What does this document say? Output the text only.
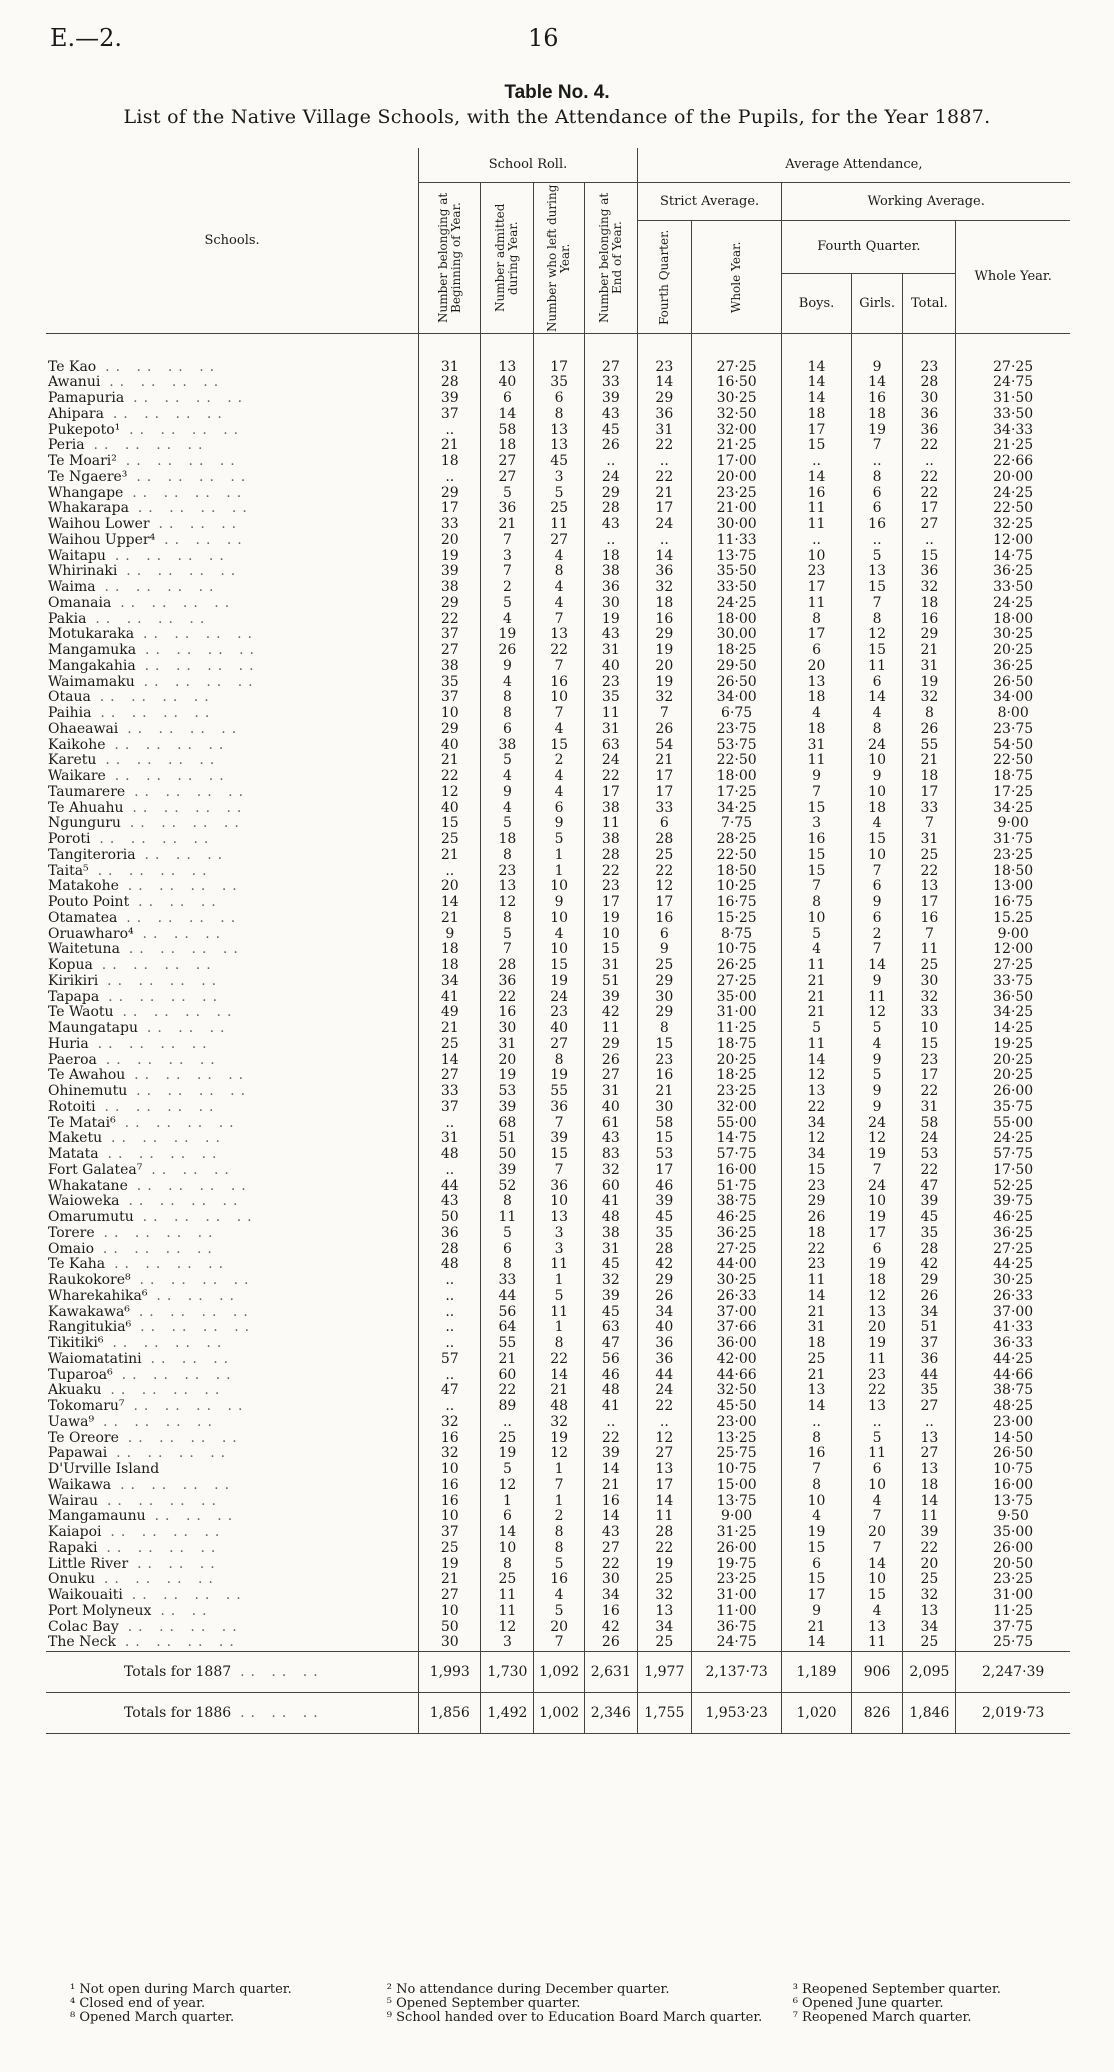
E.—2.	16
Table No. 4.
List of the Native Village Schools, with the Attendance of the Pupils, for the Year 1887.
Schools.	School Roll.				Average Attendance,					

	Number belonging at Beginning of Year.	Number admitted during Year.	Number who left during Year.	Number belonging at End of Year.	Strict Average.		Working Average.			

					Fourth Quarter.	Whole Year.	Fourth Quarter.			Whole Year.
							Boys.	Girls.	Total.	
Te Kao .. .. .. ..	31	13	17	27	23	27·25	14	9	23	27·25
Awanui .. .. .. ..	28	40	35	33	14	16·50	14	14	28	24·75
Pamapuria .. .. .. ..	39	6	6	39	29	30·25	14	16	30	31·50
Ahipara .. .. .. ..	37	14	8	43	36	32·50	18	18	36	33·50
Pukepoto¹ .. .. .. ..	..	58	13	45	31	32·00	17	19	36	34·33
Peria .. .. .. ..	21	18	13	26	22	21·25	15	7	22	21·25
Te Moari² .. .. .. ..	18	27	45	..	..	17·00	..	..	..	22·66
Te Ngaere³ .. .. .. ..	..	27	3	24	22	20·00	14	8	22	20·00
Whangape .. .. .. ..	29	5	5	29	21	23·25	16	6	22	24·25
Whakarapa .. .. .. ..	17	36	25	28	17	21·00	11	6	17	22·50
Waihou Lower .. .. ..	33	21	11	43	24	30·00	11	16	27	32·25
Waihou Upper⁴ .. .. ..	20	7	27	..	..	11·33	..	..	..	12·00
Waitapu .. .. .. ..	19	3	4	18	14	13·75	10	5	15	14·75
Whirinaki .. .. .. ..	39	7	8	38	36	35·50	23	13	36	36·25
Waima .. .. .. ..	38	2	4	36	32	33·50	17	15	32	33·50
Omanaia .. .. .. ..	29	5	4	30	18	24·25	11	7	18	24·25
Pakia .. .. .. ..	22	4	7	19	16	18·00	8	8	16	18·00
Motukaraka .. .. .. ..	37	19	13	43	29	30.00	17	12	29	30·25
Mangamuka .. .. .. ..	27	26	22	31	19	18·25	6	15	21	20·25
Mangakahia .. .. .. ..	38	9	7	40	20	29·50	20	11	31	36·25
Waimamaku .. .. .. ..	35	4	16	23	19	26·50	13	6	19	26·50
Otaua .. .. .. ..	37	8	10	35	32	34·00	18	14	32	34·00
Paihia .. .. .. ..	10	8	7	11	7	6·75	4	4	8	8·00
Ohaeawai .. .. .. ..	29	6	4	31	26	23·75	18	8	26	23·75
Kaikohe .. .. .. ..	40	38	15	63	54	53·75	31	24	55	54·50
Karetu .. .. .. ..	21	5	2	24	21	22·50	11	10	21	22·50
Waikare .. .. .. ..	22	4	4	22	17	18·00	9	9	18	18·75
Taumarere .. .. .. ..	12	9	4	17	17	17·25	7	10	17	17·25
Te Ahuahu .. .. .. ..	40	4	6	38	33	34·25	15	18	33	34·25
Ngunguru .. .. .. ..	15	5	9	11	6	7·75	3	4	7	9·00
Poroti .. .. .. ..	25	18	5	38	28	28·25	16	15	31	31·75
Tangiteroria .. .. ..	21	8	1	28	25	22·50	15	10	25	23·25
Taita⁵ .. .. .. ..	..	23	1	22	22	18·50	15	7	22	18·50
Matakohe .. .. .. ..	20	13	10	23	12	10·25	7	6	13	13·00
Pouto Point .. .. ..	14	12	9	17	17	16·75	8	9	17	16·75
Otamatea .. .. .. ..	21	8	10	19	16	15·25	10	6	16	15.25
Oruawharo⁴ .. .. ..	9	5	4	10	6	8·75	5	2	7	9·00
Waitetuna .. .. .. ..	18	7	10	15	9	10·75	4	7	11	12·00
Kopua .. .. .. ..	18	28	15	31	25	26·25	11	14	25	27·25
Kirikiri .. .. .. ..	34	36	19	51	29	27·25	21	9	30	33·75
Tapapa .. .. .. ..	41	22	24	39	30	35·00	21	11	32	36·50
Te Waotu .. .. .. ..	49	16	23	42	29	31·00	21	12	33	34·25
Maungatapu .. .. ..	21	30	40	11	8	11·25	5	5	10	14·25
Huria .. .. .. ..	25	31	27	29	15	18·75	11	4	15	19·25
Paeroa .. .. .. ..	14	20	8	26	23	20·25	14	9	23	20·25
Te Awahou .. .. .. ..	27	19	19	27	16	18·25	12	5	17	20·25
Ohinemutu .. .. .. ..	33	53	55	31	21	23·25	13	9	22	26·00
Rotoiti .. .. .. ..	37	39	36	40	30	32·00	22	9	31	35·75
Te Matai⁶ .. .. .. ..	..	68	7	61	58	55·00	34	24	58	55·00
Maketu .. .. .. ..	31	51	39	43	15	14·75	12	12	24	24·25
Matata .. .. .. ..	48	50	15	83	53	57·75	34	19	53	57·75
Fort Galatea⁷ .. .. ..	..	39	7	32	17	16·00	15	7	22	17·50
Whakatane .. .. .. ..	44	52	36	60	46	51·75	23	24	47	52·25
Waioweka .. .. .. ..	43	8	10	41	39	38·75	29	10	39	39·75
Omarumutu .. .. .. ..	50	11	13	48	45	46·25	26	19	45	46·25
Torere .. .. .. ..	36	5	3	38	35	36·25	18	17	35	36·25
Omaio .. .. .. ..	28	6	3	31	28	27·25	22	6	28	27·25
Te Kaha .. .. .. ..	48	8	11	45	42	44·00	23	19	42	44·25
Raukokore⁸ .. .. .. ..	..	33	1	32	29	30·25	11	18	29	30·25
Wharekahika⁶ .. .. ..	..	44	5	39	26	26·33	14	12	26	26·33
Kawakawa⁶ .. .. .. ..	..	56	11	45	34	37·00	21	13	34	37·00
Rangitukia⁶ .. .. .. ..	..	64	1	63	40	37·66	31	20	51	41·33
Tikitiki⁶ .. .. .. ..	..	55	8	47	36	36·00	18	19	37	36·33
Waiomatatini .. .. ..	57	21	22	56	36	42·00	25	11	36	44·25
Tuparoa⁶ .. .. .. ..	..	60	14	46	44	44·66	21	23	44	44·66
Akuaku .. .. .. ..	47	22	21	48	24	32·50	13	22	35	38·75
Tokomaru⁷ .. .. .. ..	..	89	48	41	22	45·50	14	13	27	48·25
Uawa⁹ .. .. .. ..	32	..	32	..	..	23·00	..	..	..	23·00
Te Oreore .. .. .. ..	16	25	19	22	12	13·25	8	5	13	14·50
Papawai .. .. .. ..	32	19	12	39	27	25·75	16	11	27	26·50
D'Urville Island	10	5	1	14	13	10·75	7	6	13	10·75
Waikawa .. .. .. ..	16	12	7	21	17	15·00	8	10	18	16·00
Wairau .. .. .. ..	16	1	1	16	14	13·75	10	4	14	13·75
Mangamaunu .. .. ..	10	6	2	14	11	9·00	4	7	11	9·50
Kaiapoi .. .. .. ..	37	14	8	43	28	31·25	19	20	39	35·00
Rapaki .. .. .. ..	25	10	8	27	22	26·00	15	7	22	26·00
Little River .. .. ..	19	8	5	22	19	19·75	6	14	20	20·50
Onuku .. .. .. ..	21	25	16	30	25	23·25	15	10	25	23·25
Waikouaiti .. .. .. ..	27	11	4	34	32	31·00	17	15	32	31·00
Port Molyneux .. ..	10	11	5	16	13	11·00	9	4	13	11·25
Colac Bay .. .. .. ..	50	12	20	42	34	36·75	21	13	34	37·75
The Neck .. .. .. ..	30	3	7	26	25	24·75	14	11	25	25·75
Totals for 1887 .. .. ..	1,993	1,730	1,092	2,631	1,977	2,137·73	1,189	906	2,095	2,247·39
Totals for 1886 .. .. ..	1,856	1,492	1,002	2,346	1,755	1,953·23	1,020	826	1,846	2,019·73
¹ Not open during March quarter.	² No attendance during December quarter.	³ Reopened September quarter.
⁴ Closed end of year.	⁵ Opened September quarter.	⁶ Opened June quarter.
⁸ Opened March quarter.	⁹ School handed over to Education Board March quarter.	⁷ Reopened March quarter.
